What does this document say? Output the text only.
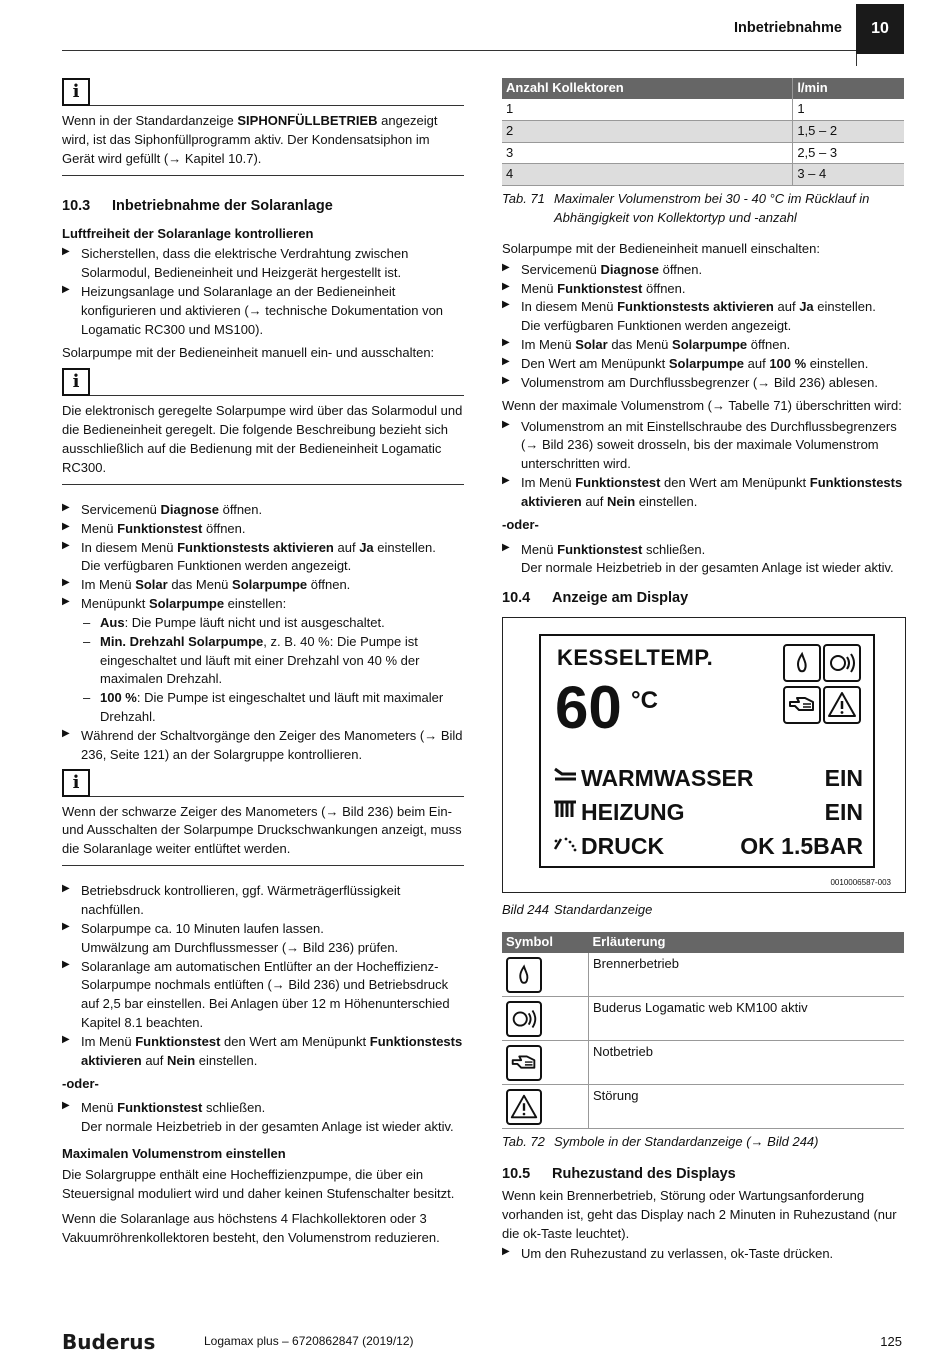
Inbetriebnahme	10
i
Wenn in der Standardanzeige SIPHONFÜLLBETRIEB angezeigt wird, ist das Siphonfüllprogramm aktiv. Der Kondensatsiphon im Gerät wird gefüllt (→ Kapitel 10.7).
10.3 Inbetriebnahme der Solaranlage
Luftfreiheit der Solaranlage kontrollieren
▶ Sicherstellen, dass die elektrische Verdrahtung zwischen Solarmodul, Bedieneinheit und Heizgerät hergestellt ist.
▶ Heizungsanlage und Solaranlage an der Bedieneinheit konfigurieren und aktivieren (→ technische Dokumentation von Logamatic RC300 und MS100).

Solarpumpe mit der Bedieneinheit manuell ein- und ausschalten:

i
Die elektronisch geregelte Solarpumpe wird über das Solarmodul und die Bedieneinheit geregelt. Die folgende Beschreibung bezieht sich ausschließlich auf die Bedienung mit der Bedieneinheit Logamatic RC300.
▶ Servicemenü Diagnose öffnen.
▶ Menü Funktionstest öffnen.
▶ In diesem Menü Funktionstests aktivieren auf Ja einstellen.
Die verfügbaren Funktionen werden angezeigt.
▶ Im Menü Solar das Menü Solarpumpe öffnen.
▶ Menüpunkt Solarpumpe einstellen:
– Aus: Die Pumpe läuft nicht und ist ausgeschaltet.
– Min. Drehzahl Solarpumpe, z. B. 40 %: Die Pumpe ist eingeschaltet und läuft mit einer Drehzahl von 40 % der maximalen Drehzahl.
– 100 %: Die Pumpe ist eingeschaltet und läuft mit maximaler Drehzahl.
▶ Während der Schaltvorgänge den Zeiger des Manometers (→ Bild 236, Seite 121) an der Solargruppe kontrollieren.
i
Wenn der schwarze Zeiger des Manometers (→ Bild 236) beim Ein- und Ausschalten der Solarpumpe Druckschwankungen anzeigt, muss die Solaranlage weiter entlüftet werden.
▶ Betriebsdruck kontrollieren, ggf. Wärmeträgerflüssigkeit nachfüllen.
▶ Solarpumpe ca. 10 Minuten laufen lassen.
Umwälzung am Durchflussmesser (→ Bild 236) prüfen.
▶ Solaranlage am automatischen Entlüfter an der Hocheffizienz-Solarpumpe nochmals entlüften (→ Bild 236) und Betriebsdruck auf 2,5 bar einstellen. Bei Anlagen über 12 m Höhenunterschied Kapitel 8.1 beachten.
▶ Im Menü Funktionstest den Wert am Menüpunkt Funktionstests aktivieren auf Nein einstellen.

-oder-

▶ Menü Funktionstest schließen.
Der normale Heizbetrieb in der gesamten Anlage ist wieder aktiv.
Maximalen Volumenstrom einstellen

Die Solargruppe enthält eine Hocheffizienzpumpe, die über ein Steuersignal moduliert wird und daher keinen Stufenschalter besitzt.

Wenn die Solaranlage aus höchstens 4 Flachkollektoren oder 3 Vakuumröhrenkollektoren besteht, den Volumenstrom reduzieren.

Anzahl Kollektoren	l/min
1	1
2	1,5 – 2
3	2,5 – 3
4	3 – 4
Tab. 71 Maximaler Volumenstrom bei 30 - 40 °C im Rücklauf in Abhängigkeit von Kollektortyp und -anzahl

Solarpumpe mit der Bedieneinheit manuell einschalten:

▶ Servicemenü Diagnose öffnen.
▶ Menü Funktionstest öffnen.
▶ In diesem Menü Funktionstests aktivieren auf Ja einstellen.
Die verfügbaren Funktionen werden angezeigt.
▶ Im Menü Solar das Menü Solarpumpe öffnen.
▶ Den Wert am Menüpunkt Solarpumpe auf 100 % einstellen.
▶ Volumenstrom am Durchflussbegrenzer (→ Bild 236) ablesen.

Wenn der maximale Volumenstrom (→ Tabelle 71) überschritten wird:

▶ Volumenstrom an mit Einstellschraube des Durchflussbegrenzers (→ Bild 236) soweit drosseln, bis der maximale Volumenstrom unterschritten wird.
▶ Im Menü Funktionstest den Wert am Menüpunkt Funktionstests aktivieren auf Nein einstellen.

-oder-

▶ Menü Funktionstest schließen.
Der normale Heizbetrieb in der gesamten Anlage ist wieder aktiv.
10.4 Anzeige am Display
KESSELTEMP.
60 °C
WARMWASSER	EIN
HEIZUNG	EIN
DRUCK	OK 1.5BAR
0010006587-003
Bild 244 Standardanzeige
Symbol	Erläuterung

	Brennerbetrieb

	Buderus Logamatic web KM100 aktiv

	Notbetrieb

	Störung
Tab. 72 Symbole in der Standardanzeige (→ Bild 244)
10.5 Ruhezustand des Displays

Wenn kein Brennerbetrieb, Störung oder Wartungsanforderung vorhanden ist, geht das Display nach 2 Minuten in Ruhezustand (nur die ok-Taste leuchtet).

▶ Um den Ruhezustand zu verlassen, ok-Taste drücken.
Buderus	Logamax plus – 6720862847 (2019/12)	125
